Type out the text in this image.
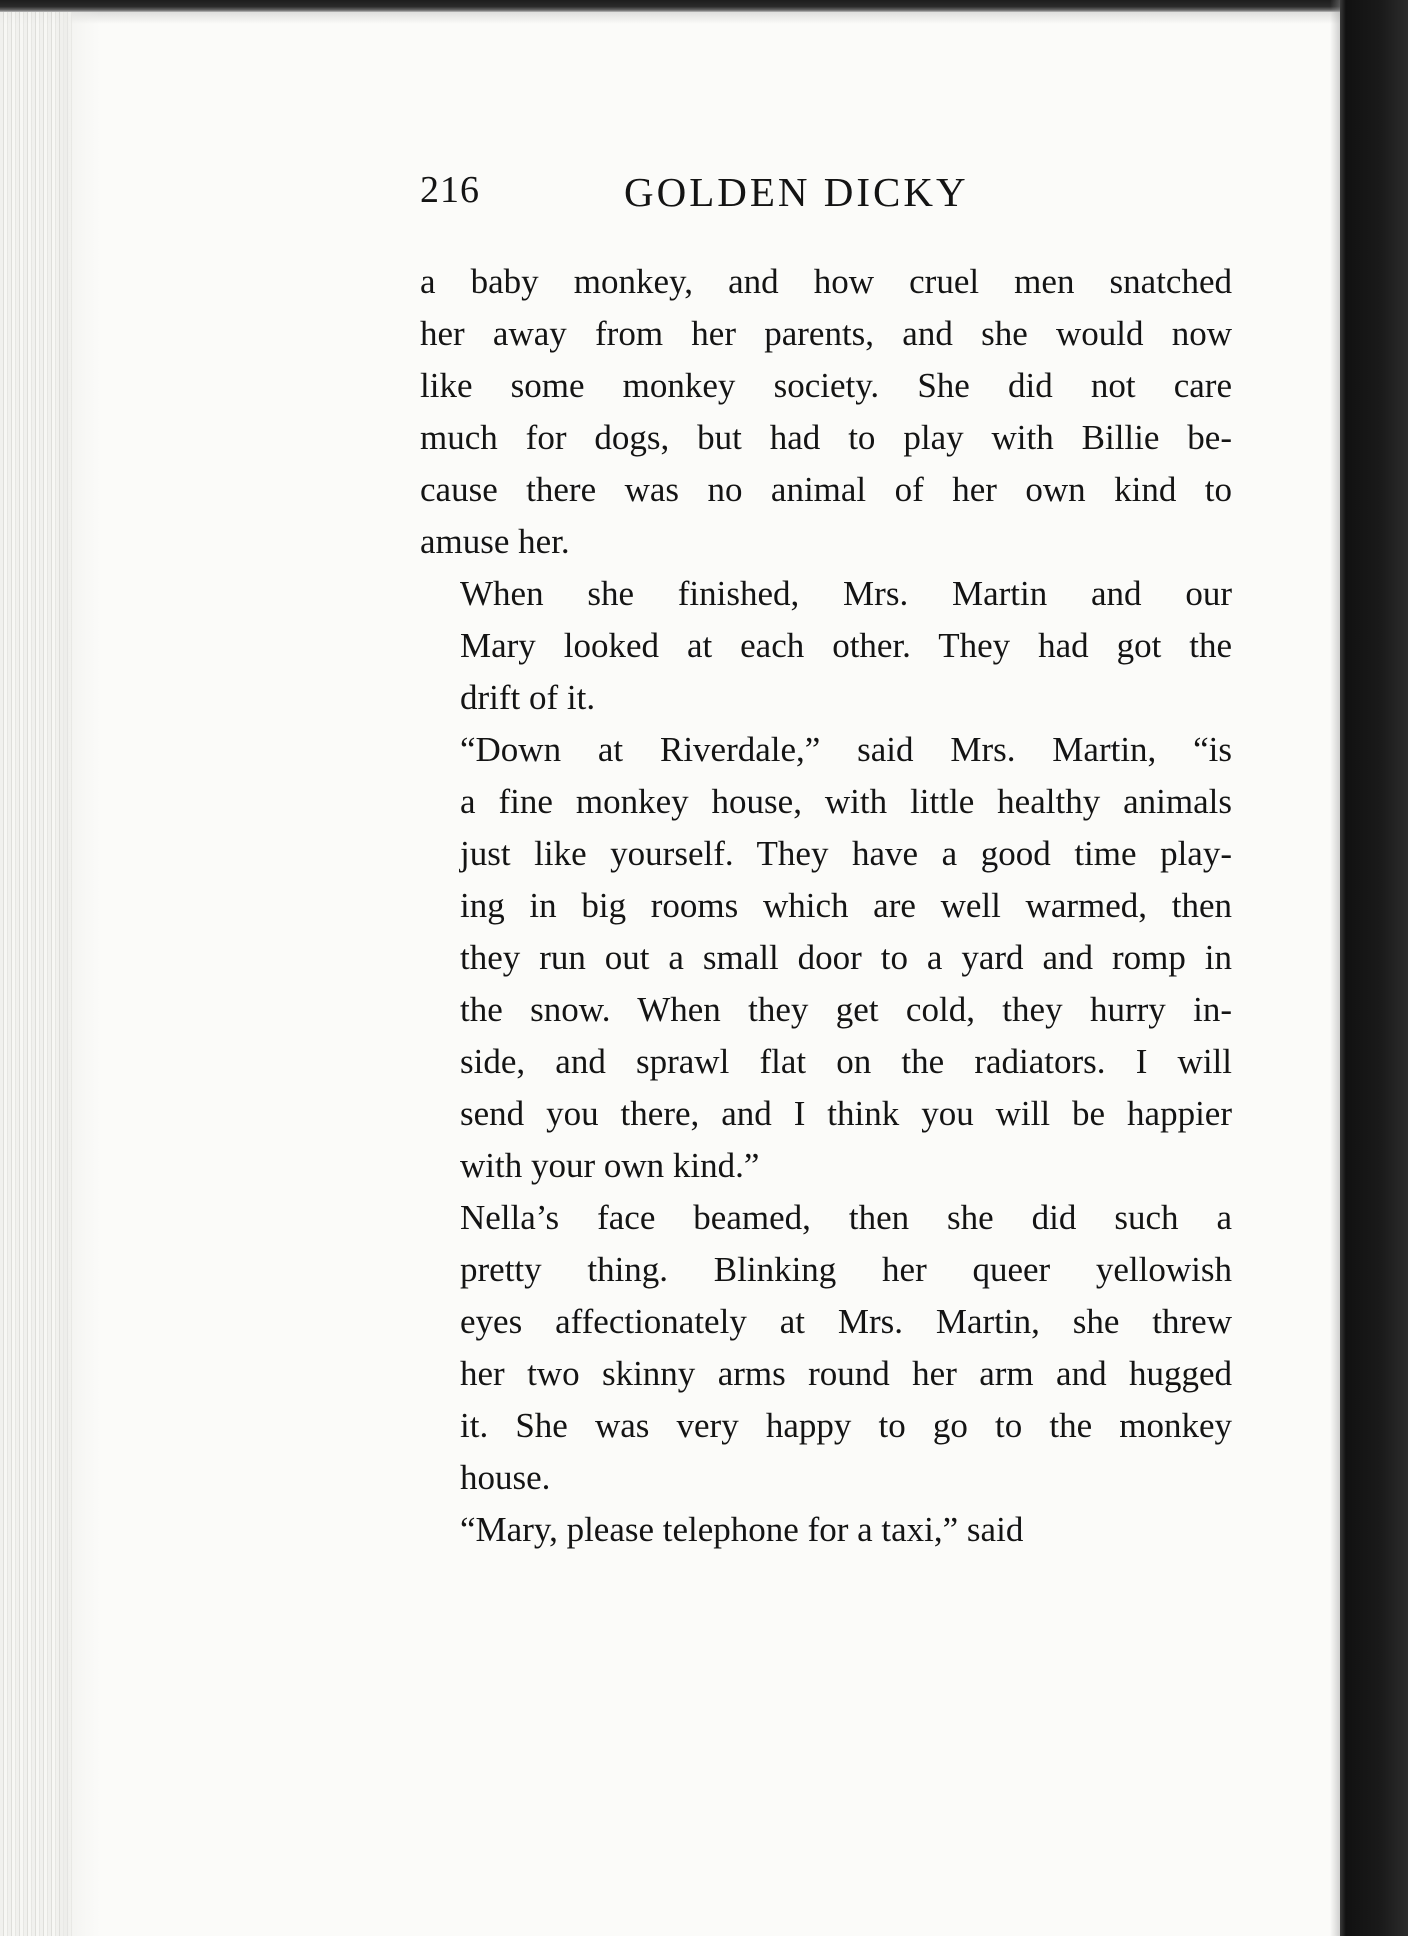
216	GOLDEN DICKY
a baby monkey, and how cruel men snatched
her away from her parents, and she would now
like some monkey society. She did not care
much for dogs, but had to play with Billie be-
cause there was no animal of her own kind to
amuse her.
When she finished, Mrs. Martin and our
Mary looked at each other. They had got the
drift of it.
“Down at Riverdale,” said Mrs. Martin, “is
a fine monkey house, with little healthy animals
just like yourself. They have a good time play-
ing in big rooms which are well warmed, then
they run out a small door to a yard and romp in
the snow. When they get cold, they hurry in-
side, and sprawl flat on the radiators. I will
send you there, and I think you will be happier
with your own kind.”
Nella’s face beamed, then she did such a
pretty thing. Blinking her queer yellowish
eyes affectionately at Mrs. Martin, she threw
her two skinny arms round her arm and hugged
it. She was very happy to go to the monkey
house.
“Mary, please telephone for a taxi,” said
